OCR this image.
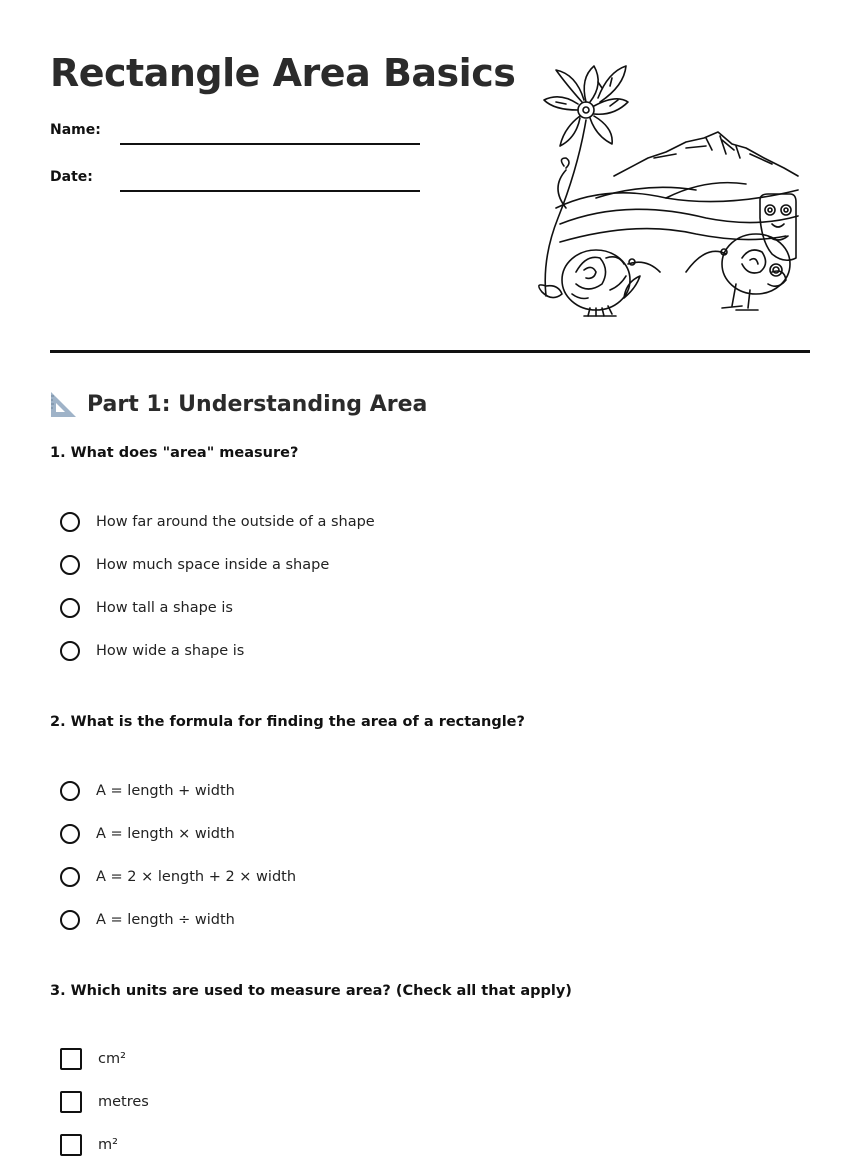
Rectangle Area Basics
Name:
Date:
Part 1: Understanding Area
1. What does "area" measure?
How far around the outside of a shape
How much space inside a shape
How tall a shape is
How wide a shape is
2. What is the formula for finding the area of a rectangle?
A = length + width
A = length × width
A = 2 × length + 2 × width
A = length ÷ width
3. Which units are used to measure area? (Check all that apply)
cm²
metres
m²
